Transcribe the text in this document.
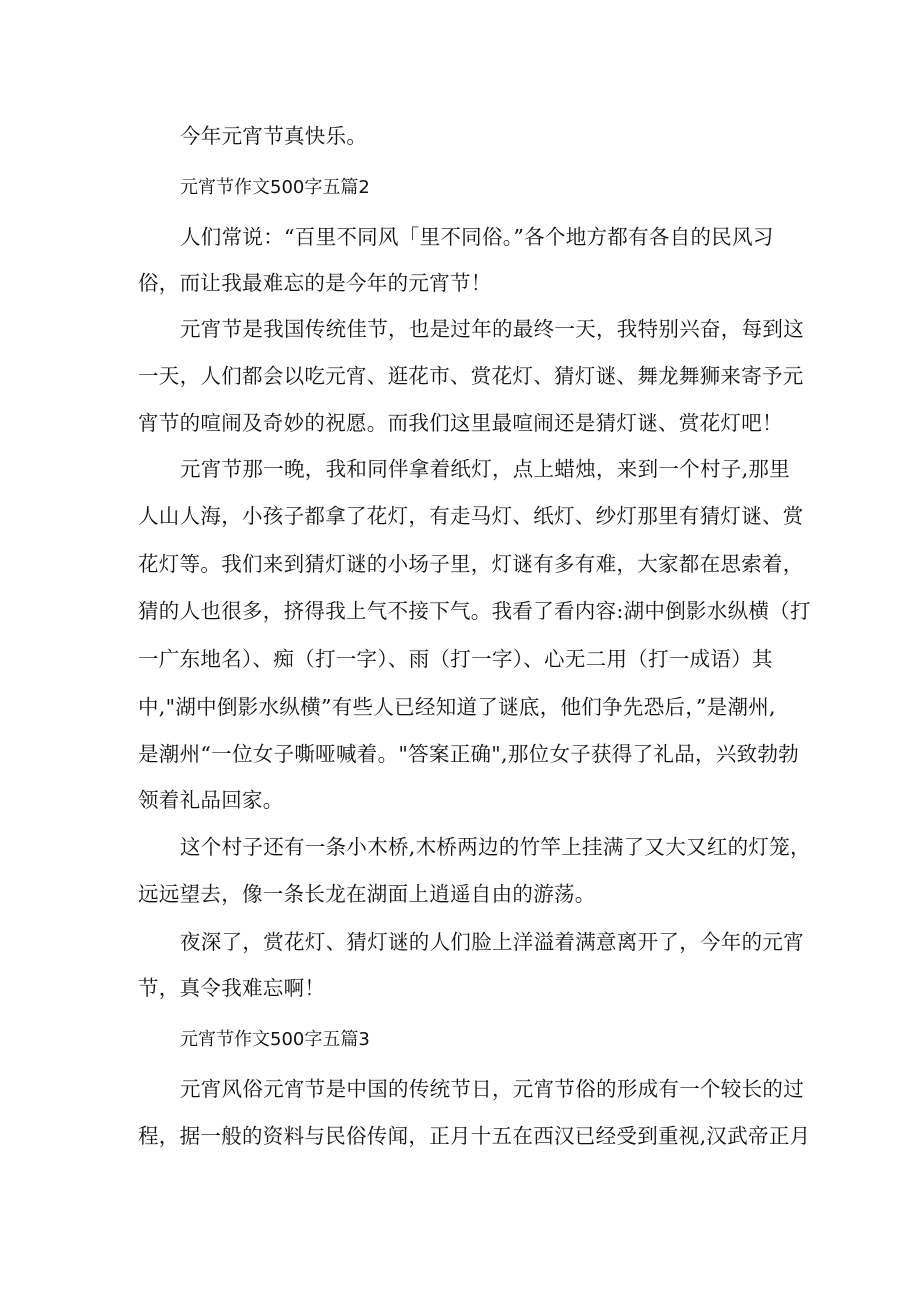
今年元宵节真快乐。
元宵节作文500字五篇2
人们常说：“百里不同风「里不同俗。”各个地方都有各自的民风习
俗，而让我最难忘的是今年的元宵节！
元宵节是我国传统佳节，也是过年的最终一天，我特别兴奋，每到这
一天，人们都会以吃元宵、逛花市、赏花灯、猜灯谜、舞龙舞狮来寄予元
宵节的喧闹及奇妙的祝愿。而我们这里最喧闹还是猜灯谜、赏花灯吧！
元宵节那一晚，我和同伴拿着纸灯，点上蜡烛，来到一个村子,那里
人山人海，小孩子都拿了花灯，有走马灯、纸灯、纱灯那里有猜灯谜、赏
花灯等。我们来到猜灯谜的小场子里，灯谜有多有难，大家都在思索着，
猜的人也很多，挤得我上气不接下气。我看了看内容:湖中倒影水纵横（打
一广东地名）、痴（打一字）、雨（打一字）、心无二用（打一成语）其
中,"湖中倒影水纵横”有些人已经知道了谜底，他们争先恐后，”是潮州,
是潮州“一位女子嘶哑喊着。"答案正确",那位女子获得了礼品，兴致勃勃
领着礼品回家。
这个村子还有一条小木桥,木桥两边的竹竿上挂满了又大又红的灯笼，
远远望去，像一条长龙在湖面上逍遥自由的游荡。
夜深了，赏花灯、猜灯谜的人们脸上洋溢着满意离开了，今年的元宵
节，真令我难忘啊！
元宵节作文500字五篇3
元宵风俗元宵节是中国的传统节日，元宵节俗的形成有一个较长的过
程，据一般的资料与民俗传闻，正月十五在西汉已经受到重视,汉武帝正月
